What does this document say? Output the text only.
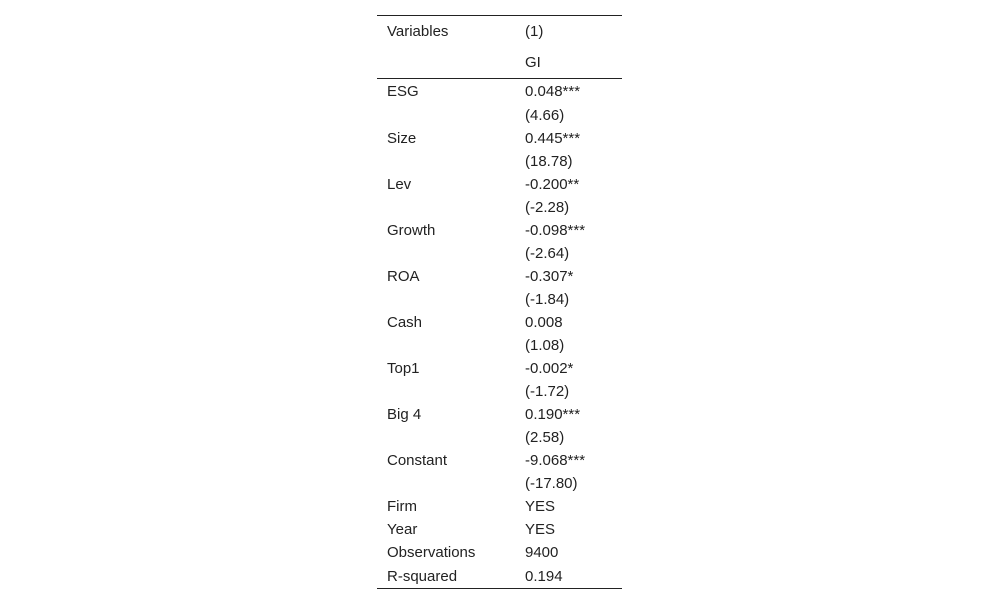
Variables	(1)
	GI
ESG	0.048***
	(4.66)
Size	0.445***
	(18.78)
Lev	-0.200**
	(-2.28)
Growth	-0.098***
	(-2.64)
ROA	-0.307*
	(-1.84)
Cash	0.008
	(1.08)
Top1	-0.002*
	(-1.72)
Big 4	0.190***
	(2.58)
Constant	-9.068***
	(-17.80)
Firm	YES
Year	YES
Observations	9400
R-squared	0.194
